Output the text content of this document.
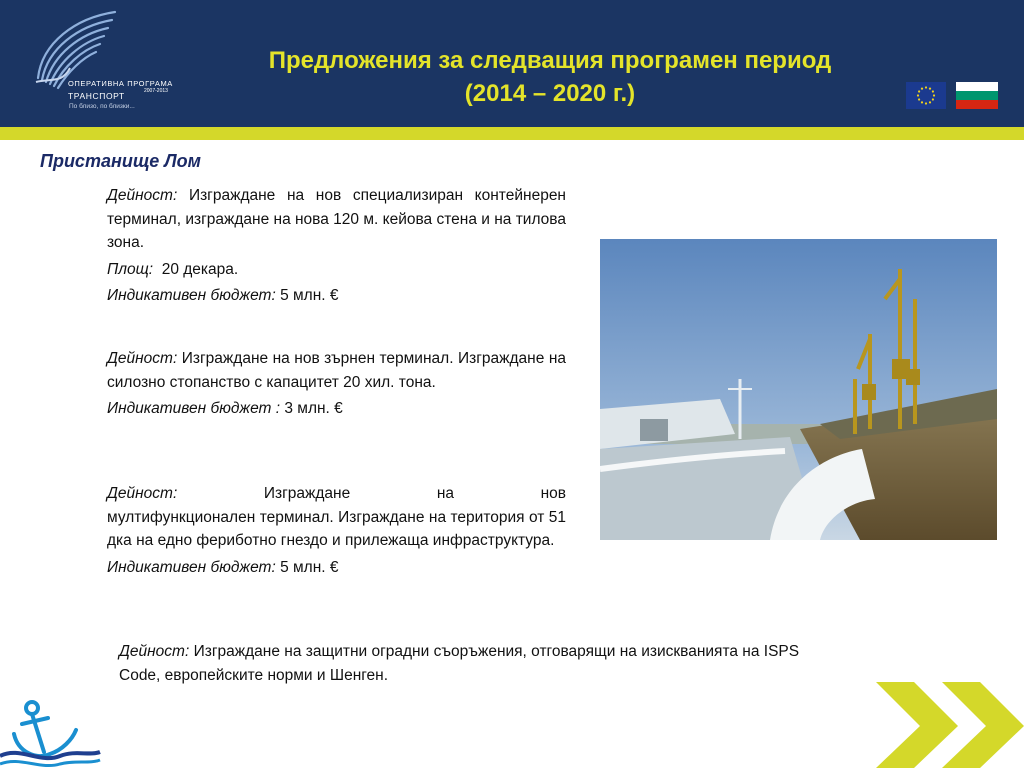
ОПЕРАТИВНА ПРОГРАМА
ТРАНСПОРТ	2007-2013
По близо, по близки...
Предложения за следващия програмен период
(2014 – 2020 г.)
Пристанище Лом

Дейност: Изграждане на нов специализиран контейнерен терминал, изграждане на нова 120 м. кейова стена и на тилова зона.

Площ: 20 декара.

Индикативен бюджет: 5 млн. €

Дейност: Изграждане на нов зърнен терминал. Изграждане на силозно стопанство с капацитет 20 хил. тона.

Индикативен бюджет : 3 млн. €

Дейност:	Изграждане на нов

мултифункционален терминал. Изграждане на територия от 51 дка на едно фериботно гнездо и прилежаща инфраструктура.

Индикативен бюджет: 5 млн. €

Дейност: Изграждане на защитни оградни съоръжения, отговарящи на изискванията на ISPS Code, европейските норми и Шенген.
